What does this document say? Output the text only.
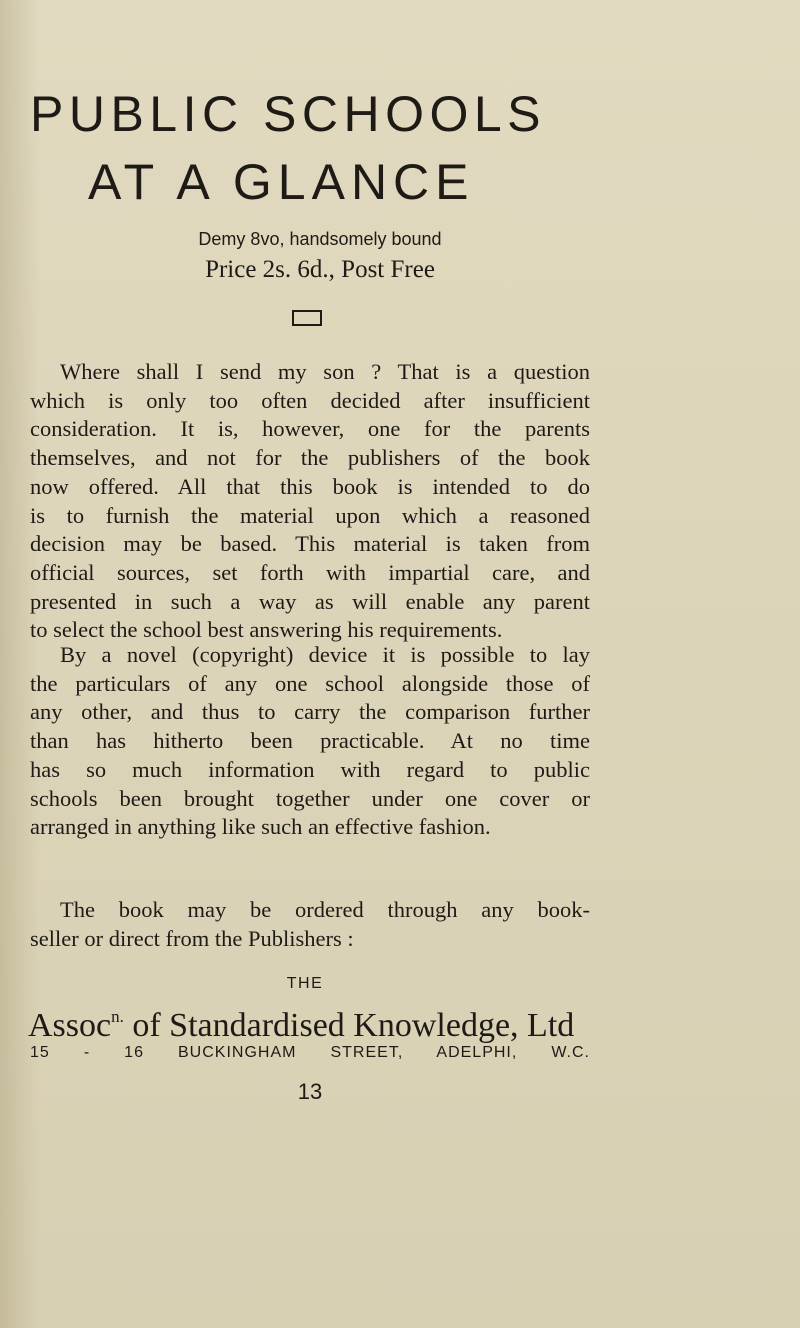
PUBLIC SCHOOLS
AT A GLANCE
Demy 8vo, handsomely bound
Price 2s. 6d., Post Free
Where shall I send my son ? That is a question
which is only too often decided after insufficient
consideration. It is, however, one for the parents
themselves, and not for the publishers of the book
now offered. All that this book is intended to do
is to furnish the material upon which a reasoned
decision may be based. This material is taken from
official sources, set forth with impartial care, and
presented in such a way as will enable any parent
to select the school best answering his requirements.
By a novel (copyright) device it is possible to lay
the particulars of any one school alongside those of
any other, and thus to carry the comparison further
than has hitherto been practicable. At no time
has so much information with regard to public
schools been brought together under one cover or
arranged in anything like such an effective fashion.
The book may be ordered through any book-
seller or direct from the Publishers :
THE
Assoc$^{n.}$ of Standardised Knowledge, Ltd
15 - 16 BUCKINGHAM STREET, ADELPHI, W.C.
13
